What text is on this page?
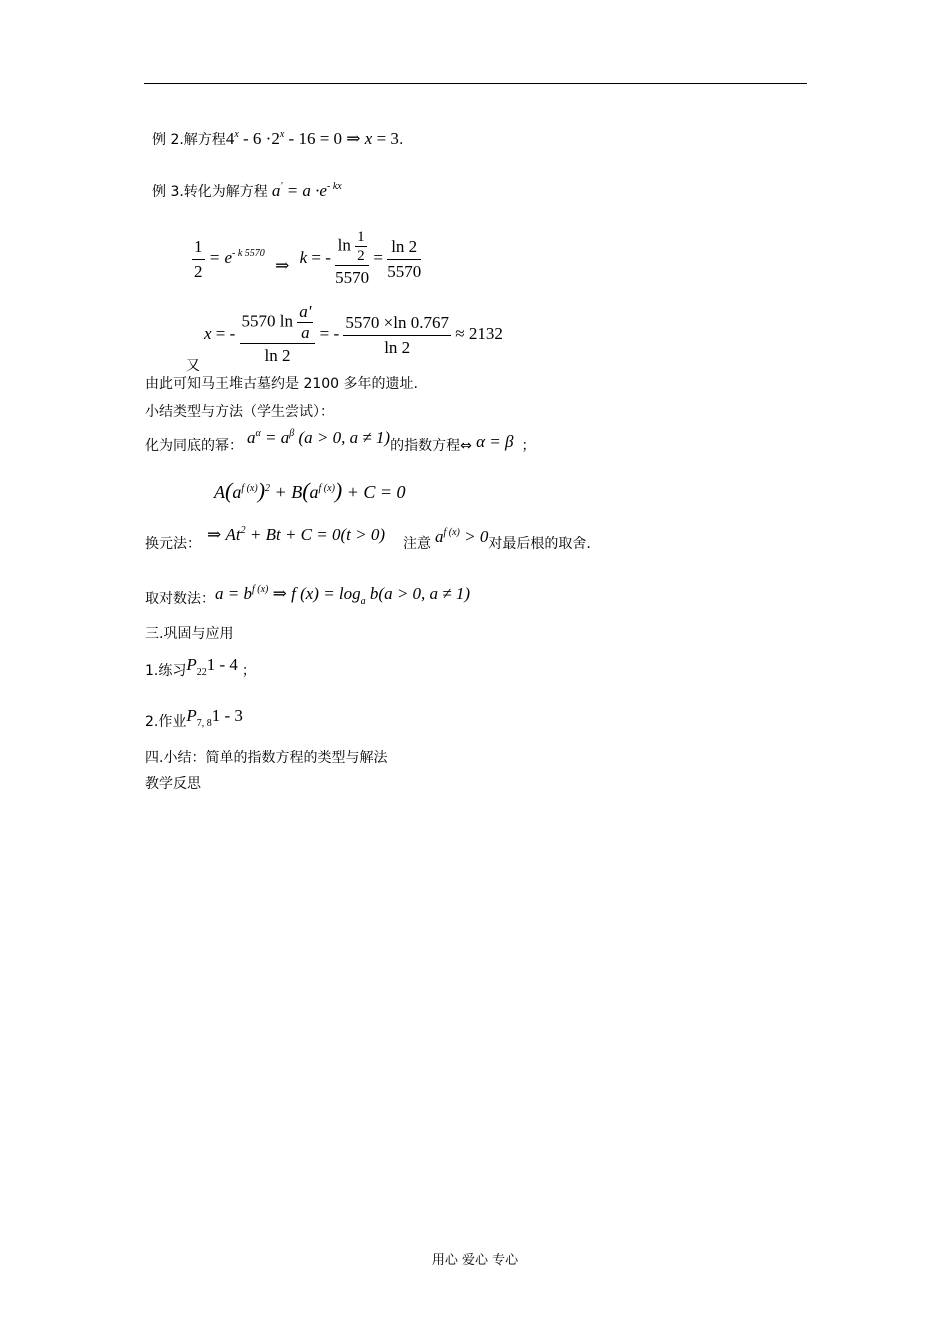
例 2.解方程$4^x - 6 \cdot 2^x - 16 = 0$ ⇒ x = 3.
例 3.转化为解方程 $a' = a \cdot e^{- kx}$
$\frac{1}{2} = e^{- k 5570}$ ⇒ k = - $\frac{\ln \frac{1}{2}}{5570} = \frac{\ln 2}{5570}$
又
x = - $\frac{5570 \ln \frac{a'}{a}}{\ln 2}$ = - $\frac{5570 \times\ln 0.767}{\ln 2} \approx 2132$
由此可知马王堆古墓约是 2100 多年的遗址.
小结类型与方法（学生尝试）：
化为同底的幂： $a^\alpha = a^\beta$ (a > 0, a ≠ 1)的指数方程⇔ α = β ；
$A(a^{f (x)})^2 + B(a^{f (x)}) + C = 0$
换元法： ⇒ $At^2 + Bt + C = 0(t > 0)$ 注意 $a^{f (x)} > 0$对最后根的取舍.
取对数法：$a = b^{f (x)}$ ⇒ f $(x) = \log_a b(a > 0$, a ≠ 1)
三.巩固与应用
1.练习$P_{22}1 - 4$ ；
2.作业$P_{7, 8}1 - 3$
四.小结：简单的指数方程的类型与解法
教学反思
用心 爱心 专心
